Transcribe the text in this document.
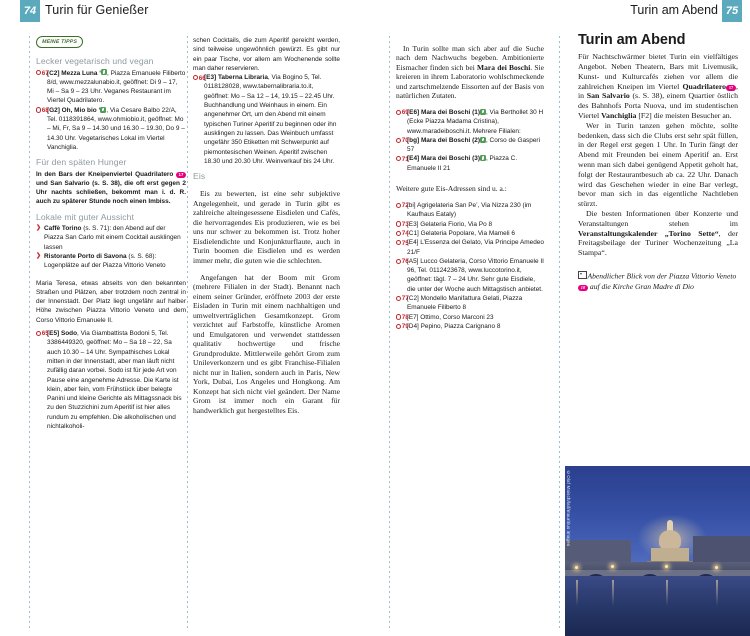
74 Turin für Genießer	Turin am Abend 75
MEINE TIPPS
Lecker vegetarisch und vegan
67
[C2] Mezza Luna ‘ , Piazza Emanuele Filiberto 8/d, www.mezzalunabio.it, geöffnet: Di 9 – 17, Mi – Sa 9 – 23 Uhr. Veganes Restaurant im Viertel Quadrilatero.
68
[G2] Oh, Mio bio ‘ , Via Cesare Balbo 22/A, Tel. 0118391864, www.ohmiobio.it, geöffnet: Mo – Mi, Fr, Sa 9 – 14.30 und 16.30 – 19.30, Do 9 – 14.30 Uhr. Vegetarisches Lokal im Viertel Vanchiglia.
Für den späten Hunger

In den Bars der Kneipenviertel Quadrilatero 17 und San Salvario (s. S. 38), die oft erst gegen 2 Uhr nachts schließen, bekommt man i. d. R. auch zu späterer Stunde noch einen Imbiss.

Lokale mit guter Aussicht
❯ Caffè Torino (s. S. 71): den Abend auf der Piazza San Carlo mit einem Cocktail ausklingen lassen
❯ Ristorante Porto di Savona (s. S. 68): Logenplätze auf der Piazza Vittorio Veneto

Maria Teresa, etwas abseits von den bekannten Straßen und Plätzen, aber trotzdem noch zentral in der Innenstadt. Der Platz liegt ungefähr auf halber Höhe zwischen Piazza Vittorio Veneto und dem Corso Vittorio Emanuele II.

65
[E5] Sodo, Via Giambattista Bodoni 5, Tel. 3386449320, geöffnet: Mo – Sa 18 – 22, Sa auch 10.30 – 14 Uhr. Sympathisches Lokal mitten in der Innenstadt, aber man läuft nicht zufällig daran vorbei. Sodo ist für jede Art von Pause eine angenehme Adresse. Die Karte ist klein, aber fein, vom Frühstück über belegte Panini und kleine Gerichte als Mittagssnack bis zu den Stuzzichini zum Aperitif ist hier alles rundum zu empfehlen. Die alkoholischen und nichtalkoholi-

schen Cocktails, die zum Aperitif gereicht werden, sind teilweise ungewöhnlich gewürzt. Es gibt nur ein paar Tische, vor allem am Wochenende sollte man daher reservieren.

66
[E3] Taberna Libraria, Via Bogino 5, Tel. 0118128028, www.tabernalibraria.to.it, geöffnet: Mo – Sa 12 – 14, 19.15 – 22.45 Uhr. Buchhandlung und Weinhaus in einem. Ein angenehmer Ort, um den Abend mit einem typischen Turiner Aperitif zu beginnen oder ihn ausklingen zu lassen. Das Weinbuch umfasst ungefähr 350 Etiketten mit Schwerpunkt auf piemontesischen Weinen. Aperitif zwischen 18.30 und 20.30 Uhr. Weinverkauf bis 24 Uhr.
Eis

Eis zu bewerten, ist eine sehr subjektive Angelegenheit, und gerade in Turin gibt es zahlreiche alteingesessene Eisdielen und Cafés, die hervorragendes Eis produzieren, wie es bei uns nur schwer zu bekommen ist. Trotz hoher Eisdielendichte und Konjunkturflaute, auch in Turin boomen die Eisdielen und es werden immer mehr, die guten wie die schlechten.

Angefangen hat der Boom mit Grom (mehrere Filialen in der Stadt). Benannt nach einem seiner Gründer, eröffnete 2003 der erste Eisladen in Turin mit einem nachhaltigen und umweltverträglichen Gesamtkonzept. Grom verzichtet auf Farbstoffe, künstliche Aromen und Emulgatoren und verwendet stattdessen qualitativ hochwertige und frische Grundprodukte. Mittlerweile gehört Grom zum Unileverkonzern und es gibt Franchise-Filialen nicht nur in Italien, sondern auch in Paris, New York, Dubai, Los Angeles und Hongkong. Am Konzept hat sich nicht viel geändert. Der Name Grom ist immer noch ein Garant für handwerklich gut hergestelltes Eis.

In Turin sollte man sich aber auf die Suche nach dem Nachwuchs begeben. Ambitionierte Eismacher finden sich bei Mara dei Boschi. Sie kreieren in ihrem Laboratorio wohlschmeckende und zartschmelzende Eissorten auf der Basis von natürlichen Zutaten.

69
[E6] Mara dei Boschi (1) , Via Berthollet 30 H (Ecke Piazza Madama Cristina), www.maradeiboschi.it. Mehrere Filialen:
70
[bg] Mara dei Boschi (2) , Corso de Gasperi 57
71
[E4] Mara dei Boschi (3) , Piazza C. Emanuele II 21

Weitere gute Eis-Adressen sind u. a.:

72
[bi] Agrigelateria San Pe’, Via Nizza 230 (im Kaufhaus Eataly)
73
[E3] Gelateria Fiorio, Via Po 8
74
[C1] Gelateria Popolare, Via Mameli 6
75
[E4] L’Essenza del Gelato, Via Principe Amedeo 21/F
76
[A5] Lucco Gelateria, Corso Vittorio Emanuele II 96, Tel. 0112423678, www.luccotorino.it, geöffnet: tägl. 7 – 24 Uhr. Sehr gute Eisdiele, die unter der Woche auch Mittagstisch anbietet.
77
[C2] Mondello Manifattura Gelati, Piazza Emanuele Filiberto 8
78
[E7] Ottimo, Corso Marconi 23
79
[D4] Pepino, Piazza Carignano 8
Turin am Abend

Für Nachtschwärmer bietet Turin ein vielfältiges Angebot. Neben Theatern, Bars mit Livemusik, Kunst- und Kulturcafés ziehen vor allem die zahlreichen Kneipen im Viertel Quadrilatero 17 , in San Salvario (s. S. 38), einem Quartier östlich des Bahnhofs Porta Nuova, und im studentischen Viertel Vanchiglia [F2] die meisten Besucher an.

Wer in Turin tanzen gehen möchte, sollte bedenken, dass sich die Clubs erst sehr spät füllen, in der Regel erst gegen 1 Uhr. In Turin fängt der Abend mit Freunden bei einem Aperitif an. Erst wenn man sich dabei genügend Appetit geholt hat, folgt der Restaurantbesuch ab ca. 22 Uhr. Danach wird das Geschehen wieder in eine Bar verlegt, bevor man sich in das eigentliche Nachtleben stürzt.

Die besten Informationen über Konzerte und Veranstaltungen stehen im Veranstaltungskalender „Torino Sette“, der Freitagsbeilage der Turiner Wochenzeitung „La Stampa“.

Abendlicher Blick von der Piazza Vittorio Veneto18 auf die Kirche Gran Madre di Dio
©Olaf Maisch/laif/mauritius images
